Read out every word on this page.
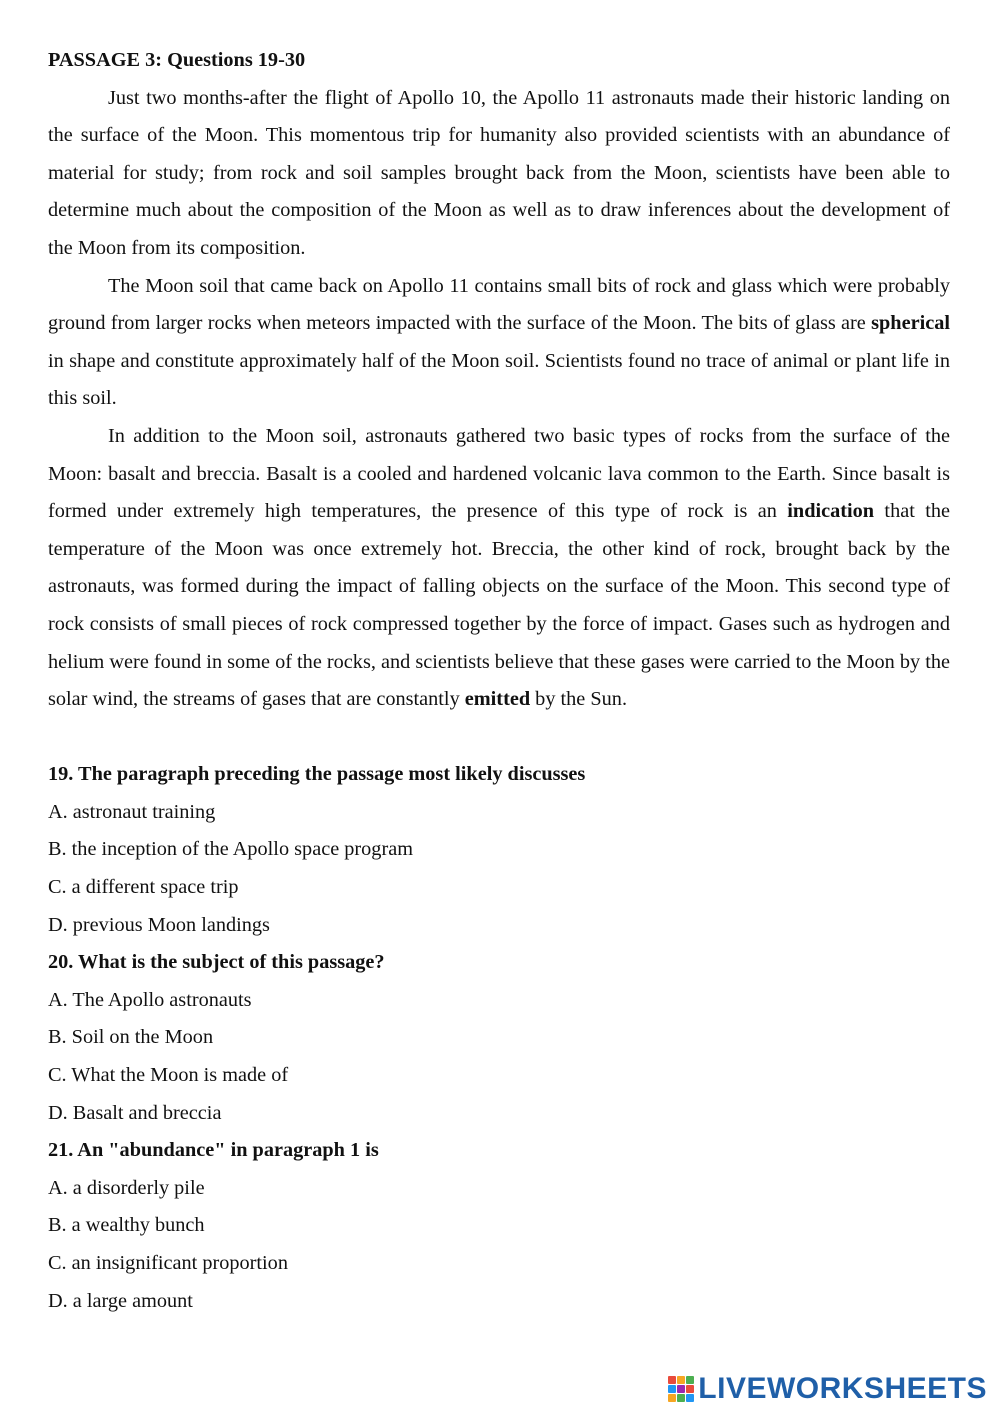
PASSAGE 3: Questions 19-30

Just two months-after the flight of Apollo 10, the Apollo 11 astronauts made their historic landing on the surface of the Moon. This momentous trip for humanity also provided scientists with an abundance of material for study; from rock and soil samples brought back from the Moon, scientists have been able to determine much about the composition of the Moon as well as to draw inferences about the development of the Moon from its composition.

The Moon soil that came back on Apollo 11 contains small bits of rock and glass which were probably ground from larger rocks when meteors impacted with the surface of the Moon. The bits of glass are spherical in shape and constitute approximately half of the Moon soil. Scientists found no trace of animal or plant life in this soil.

In addition to the Moon soil, astronauts gathered two basic types of rocks from the surface of the Moon: basalt and breccia. Basalt is a cooled and hardened volcanic lava common to the Earth. Since basalt is formed under extremely high temperatures, the presence of this type of rock is an indication that the temperature of the Moon was once extremely hot. Breccia, the other kind of rock, brought back by the astronauts, was formed during the impact of falling objects on the surface of the Moon. This second type of rock consists of small pieces of rock compressed together by the force of impact. Gases such as hydrogen and helium were found in some of the rocks, and scientists believe that these gases were carried to the Moon by the solar wind, the streams of gases that are constantly emitted by the Sun.

19. The paragraph preceding the passage most likely discusses

A. astronaut training

B. the inception of the Apollo space program

C. a different space trip

D. previous Moon landings

20. What is the subject of this passage?

A. The Apollo astronauts

B. Soil on the Moon

C. What the Moon is made of

D. Basalt and breccia

21. An "abundance" in paragraph 1 is

A. a disorderly pile

B. a wealthy bunch

C. an insignificant proportion

D. a large amount

LIVEWORKSHEETS
